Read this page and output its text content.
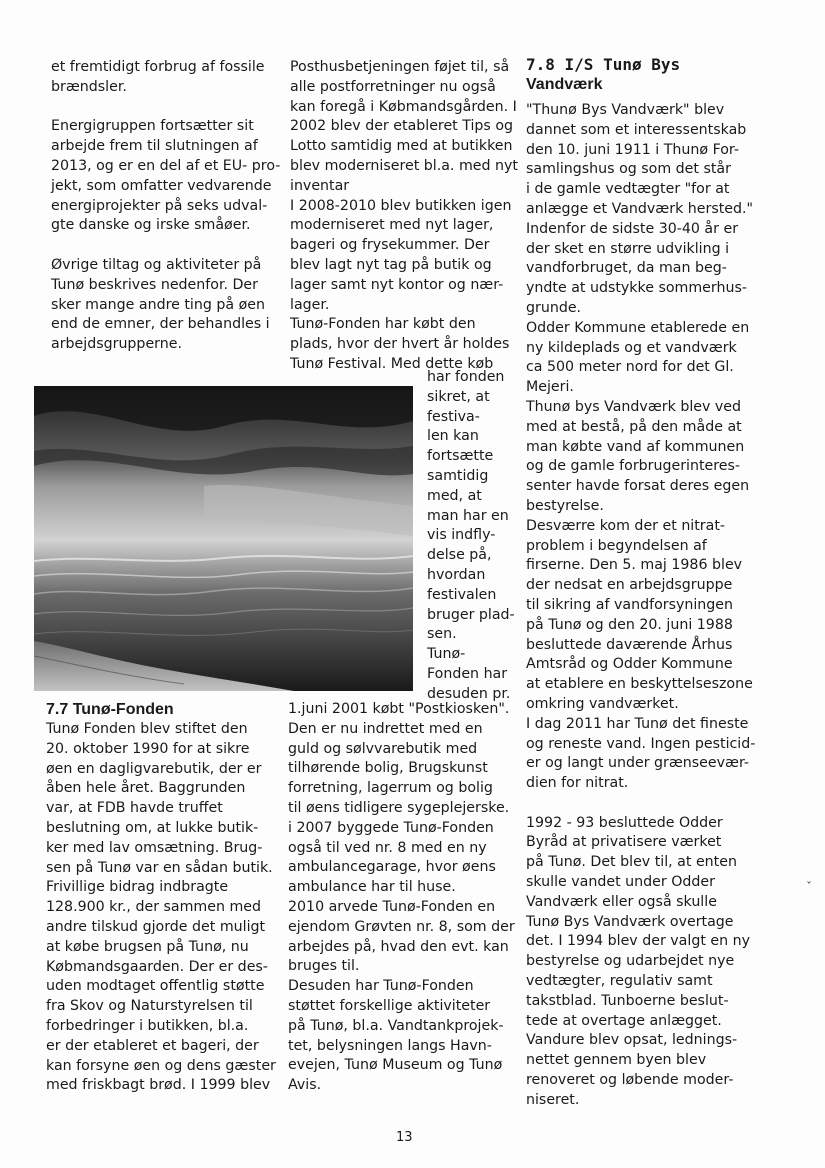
et fremtidigt forbrug af fossile
brændsler.
Energigruppen fortsætter sit
arbejde frem til slutningen af
2013, og er en del af et EU- pro-
jekt, som omfatter vedvarende
energiprojekter på seks udval-
gte danske og irske småøer.
Øvrige tiltag og aktiviteter på
Tunø beskrives nedenfor. Der
sker mange andre ting på øen
end de emner, der behandles i
arbejdsgrupperne.
7.7 Tunø-Fonden
Tunø Fonden blev stiftet den
20. oktober 1990 for at sikre
øen en dagligvarebutik, der er
åben hele året. Baggrunden
var, at FDB havde truffet
beslutning om, at lukke butik-
ker med lav omsætning. Brug-
sen på Tunø var en sådan butik.
Frivillige bidrag indbragte
128.900 kr., der sammen med
andre tilskud gjorde det muligt
at købe brugsen på Tunø, nu
Købmandsgaarden. Der er des-
uden modtaget offentlig støtte
fra Skov og Naturstyrelsen til
forbedringer i butikken, bl.a.
er der etableret et bageri, der
kan forsyne øen og dens gæster
med friskbagt brød. I 1999 blev
Posthusbetjeningen føjet til, så
alle postforretninger nu også
kan foregå i Købmandsgården. I
2002 blev der etableret Tips og
Lotto samtidig med at butikken
blev moderniseret bl.a. med nyt
inventar
I 2008-2010 blev butikken igen
moderniseret med nyt lager,
bageri og frysekummer. Der
blev lagt nyt tag på butik og
lager samt nyt kontor og nær-
lager.
Tunø-Fonden har købt den
plads, hvor der hvert år holdes
Tunø Festival. Med dette køb
har fonden
sikret, at
festiva-
len kan
fortsætte
samtidig
med, at
man har en
vis indfly-
delse på,
hvordan
festivalen
bruger plad-
sen.
Tunø-
Fonden har
desuden pr.
1.juni 2001 købt "Postkiosken".
Den er nu indrettet med en
guld og sølvvarebutik med
tilhørende bolig, Brugskunst
forretning, lagerrum og bolig
til øens tidligere sygeplejerske.
i 2007 byggede Tunø-Fonden
også til ved nr. 8 med en ny
ambulancegarage, hvor øens
ambulance har til huse.
2010 arvede Tunø-Fonden en
ejendom Grøvten nr. 8, som der
arbejdes på, hvad den evt. kan
bruges til.
Desuden har Tunø-Fonden
støttet forskellige aktiviteter
på Tunø, bl.a. Vandtankprojek-
tet, belysningen langs Havn-
evejen, Tunø Museum og Tunø
Avis.
7.8 I/S Tunø Bys
Vandværk
"Thunø Bys Vandværk" blev
dannet som et interessentskab
den 10. juni 1911 i Thunø For-
samlingshus og som det står
i de gamle vedtægter "for at
anlægge et Vandværk hersted."
Indenfor de sidste 30-40 år er
der sket en større udvikling i
vandforbruget, da man beg-
yndte at udstykke sommerhus-
grunde.
Odder Kommune etablerede en
ny kildeplads og et vandværk
ca 500 meter nord for det Gl.
Mejeri.
Thunø bys Vandværk blev ved
med at bestå, på den måde at
man købte vand af kommunen
og de gamle forbrugerinteres-
senter havde forsat deres egen
bestyrelse.
Desværre kom der et nitrat-
problem i begyndelsen af
firserne. Den 5. maj 1986 blev
der nedsat en arbejdsgruppe
til sikring af vandforsyningen
på Tunø og den 20. juni 1988
besluttede daværende Århus
Amtsråd og Odder Kommune
at etablere en beskyttelseszone
omkring vandværket.
I dag 2011 har Tunø det fineste
og reneste vand. Ingen pesticid-
er og langt under grænseevær-
dien for nitrat.
1992 - 93 besluttede Odder
Byråd at privatisere værket
på Tunø. Det blev til, at enten
skulle vandet under Odder
Vandværk eller også skulle
Tunø Bys Vandværk overtage
det. I 1994 blev der valgt en ny
bestyrelse og udarbejdet nye
vedtægter, regulativ samt
takstblad. Tunboerne beslut-
tede at overtage anlægget.
Vandure blev opsat, lednings-
nettet gennem byen blev
renoveret og løbende moder-
niseret.
13
ˇ
